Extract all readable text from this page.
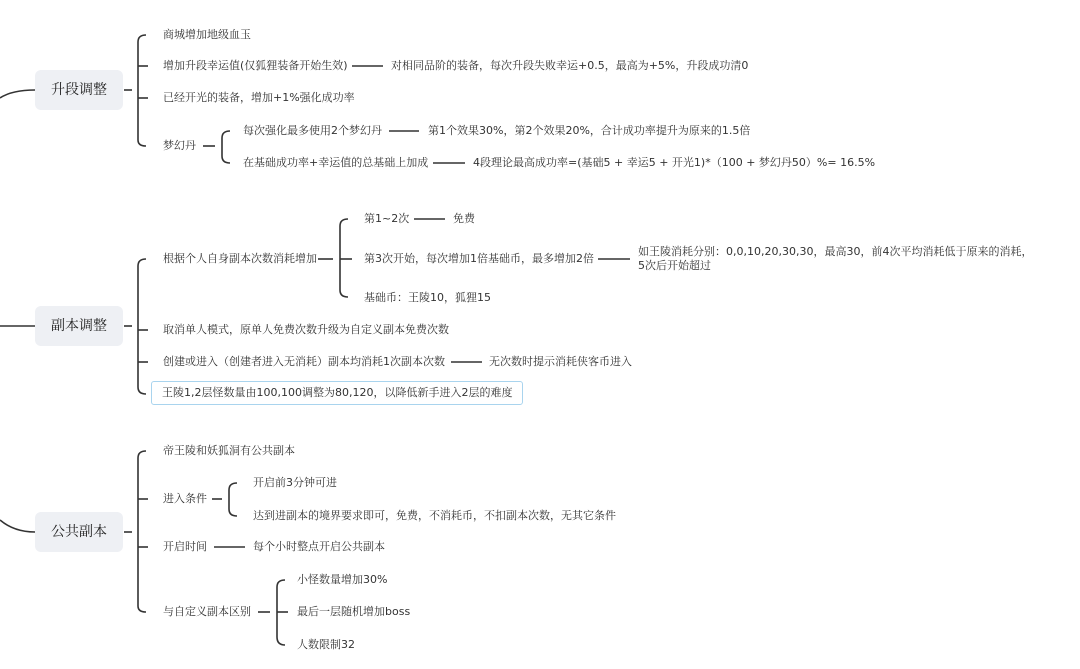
升段调整
商城增加地级血玉
增加升段幸运值(仅狐狸装备开始生效)	对相同品阶的装备，每次升段失败幸运+0.5，最高为+5%，升段成功清0
已经开光的装备，增加+1%强化成功率
梦幻丹
每次强化最多使用2个梦幻丹	第1个效果30%，第2个效果20%，合计成功率提升为原来的1.5倍
在基础成功率+幸运值的总基础上加成	4段理论最高成功率=(基础5 + 幸运5 + 开光1)*（100 + 梦幻丹50）%= 16.5%
副本调整
根据个人自身副本次数消耗增加
第1~2次	免费
第3次开始，每次增加1倍基础币，最多增加2倍
如王陵消耗分别：0,0,10,20,30,30，最高30，前4次平均消耗低于原来的消耗，5次后开始超过
基础币：王陵10，狐狸15
取消单人模式，原单人免费次数升级为自定义副本免费次数
创建或进入（创建者进入无消耗）副本均消耗1次副本次数	无次数时提示消耗侠客币进入
王陵1,2层怪数量由100,100调整为80,120，以降低新手进入2层的难度
公共副本
帝王陵和妖狐洞有公共副本
进入条件
开启前3分钟可进
达到进副本的境界要求即可，免费，不消耗币，不扣副本次数，无其它条件
开启时间	每个小时整点开启公共副本
与自定义副本区别
小怪数量增加30%
最后一层随机增加boss
人数限制32
